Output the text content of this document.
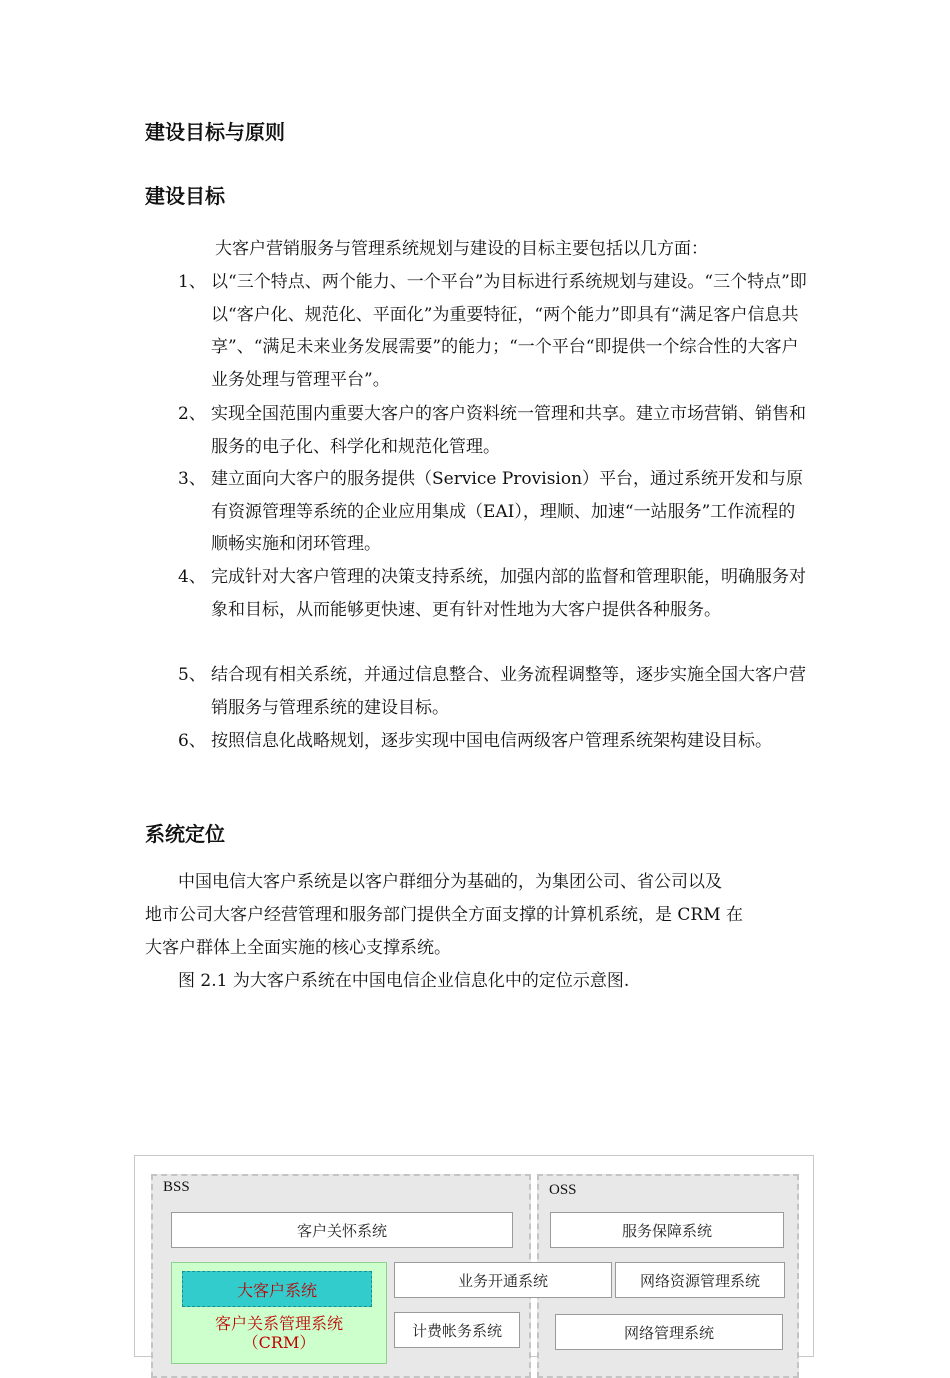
建设目标与原则
建设目标

大客户营销服务与管理系统规划与建设的目标主要包括以几方面：

1、 以“三个特点、两个能力、一个平台”为目标进行系统规划与建设。“三个特点”即以“客户化、规范化、平面化”为重要特征，“两个能力”即具有“满足客户信息共享”、“满足未来业务发展需要”的能力；“一个平台“即提供一个综合性的大客户业务处理与管理平台”。
2、 实现全国范围内重要大客户的客户资料统一管理和共享。建立市场营销、销售和服务的电子化、科学化和规范化管理。
3、 建立面向大客户的服务提供（Service Provision）平台，通过系统开发和与原有资源管理等系统的企业应用集成（EAI），理顺、加速“一站服务”工作流程的顺畅实施和闭环管理。
4、 完成针对大客户管理的决策支持系统，加强内部的监督和管理职能，明确服务对象和目标，从而能够更快速、更有针对性地为大客户提供各种服务。
5、 结合现有相关系统，并通过信息整合、业务流程调整等，逐步实施全国大客户营销服务与管理系统的建设目标。
6、 按照信息化战略规划，逐步实现中国电信两级客户管理系统架构建设目标。
系统定位

中国电信大客户系统是以客户群细分为基础的，为集团公司、省公司以及

地市公司大客户经营管理和服务部门提供全方面支撑的计算机系统，是 CRM 在

大客户群体上全面实施的核心支撑系统。

图 2.1 为大客户系统在中国电信企业信息化中的定位示意图.

BSS	OSS
客户关怀系统	服务保障系统
大客户系统
客户关系管理系统
（CRM）
业务开通系统	网络资源管理系统
计费帐务系统	网络管理系统
